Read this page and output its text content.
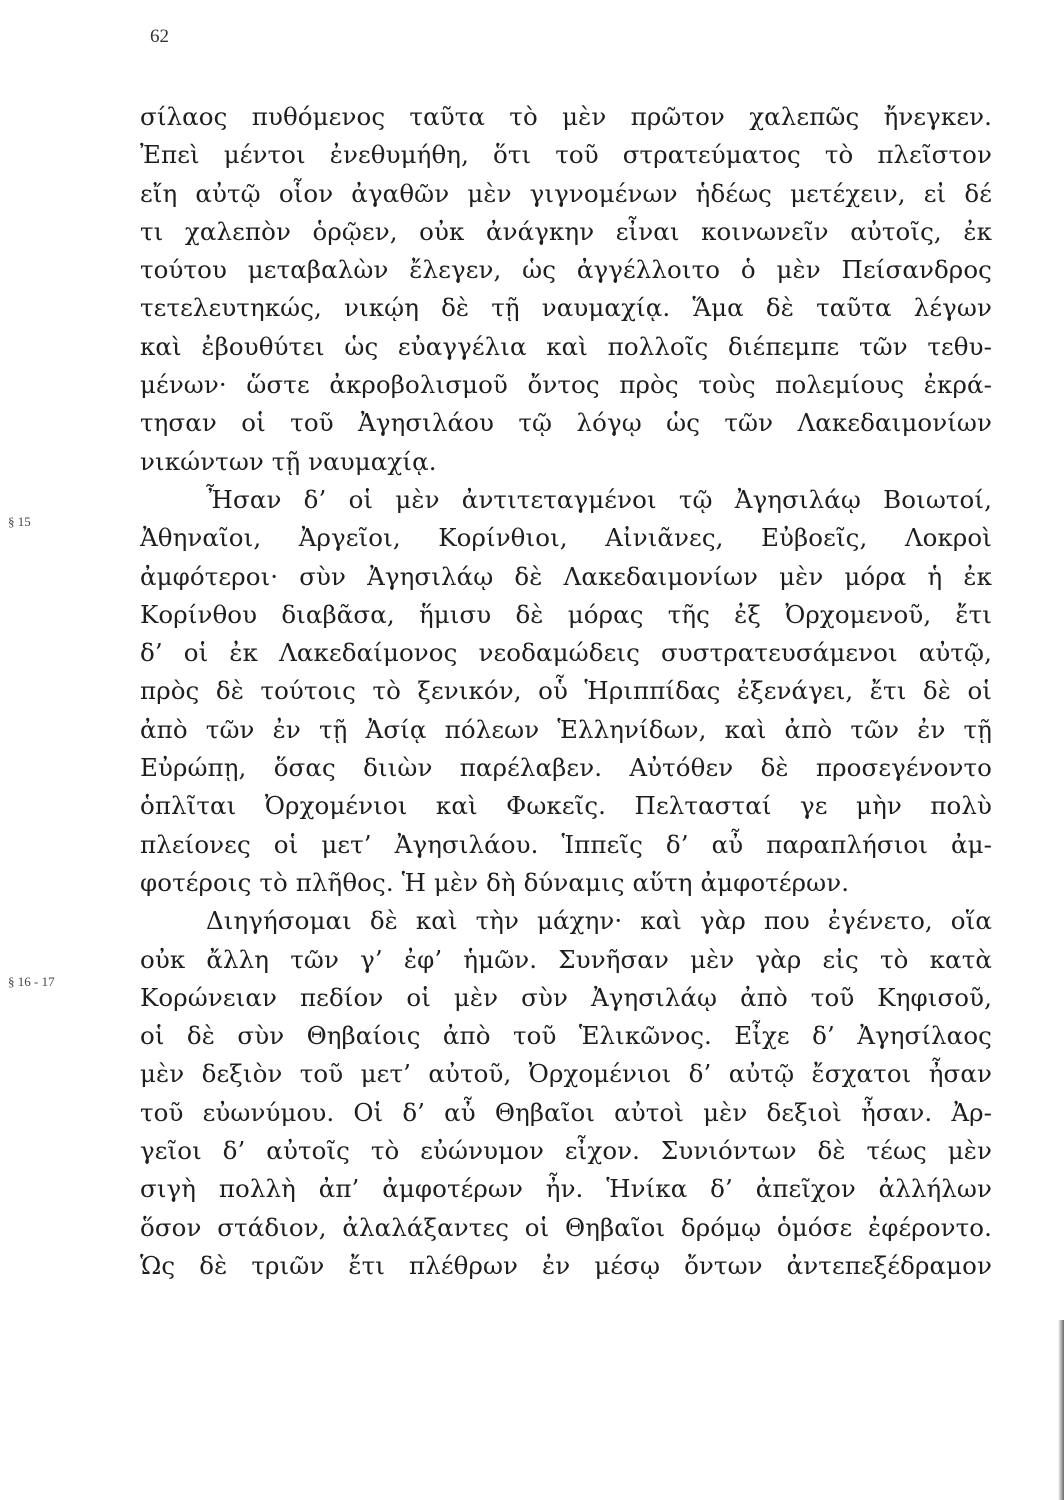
62
§ 15
§ 16 - 17
σίλαος πυθόμενος ταῦτα τὸ μὲν πρῶτον χαλεπῶς ἤνεγκεν.
Ἐπεὶ μέντοι ἐνεθυμήθη, ὅτι τοῦ στρατεύματος τὸ πλεῖστον
εἴη αὐτῷ οἷον ἀγαθῶν μὲν γιγνομένων ἡδέως μετέχειν, εἰ δέ
τι χαλεπὸν ὁρῷεν, οὐκ ἀνάγκην εἶναι κοινωνεῖν αὐτοῖς, ἐκ
τούτου μεταβαλὼν ἔλεγεν, ὡς ἀγγέλλοιτο ὁ μὲν Πείσανδρος
τετελευτηκώς, νικῴη δὲ τῇ ναυμαχίᾳ. Ἅμα δὲ ταῦτα λέγων
καὶ ἐβουθύτει ὡς εὐαγγέλια καὶ πολλοῖς διέπεμπε τῶν τεθυ-
μένων· ὥστε ἀκροβολισμοῦ ὄντος πρὸς τοὺς πολεμίους ἐκρά-
τησαν οἱ τοῦ Ἀγησιλάου τῷ λόγῳ ὡς τῶν Λακεδαιμονίων
νικώντων τῇ ναυμαχίᾳ.
Ἦσαν δ’ οἱ μὲν ἀντιτεταγμένοι τῷ Ἀγησιλάῳ Βοιωτοί,
Ἀθηναῖοι, Ἀργεῖοι, Κορίνθιοι, Αἰνιᾶνες, Εὐβοεῖς, Λοκροὶ
ἀμφότεροι· σὺν Ἀγησιλάῳ δὲ Λακεδαιμονίων μὲν μόρα ἡ ἐκ
Κορίνθου διαβᾶσα, ἥμισυ δὲ μόρας τῆς ἐξ Ὀρχομενοῦ, ἔτι
δ’ οἱ ἐκ Λακεδαίμονος νεοδαμώδεις συστρατευσάμενοι αὐτῷ,
πρὸς δὲ τούτοις τὸ ξενικόν, οὗ Ἡριππίδας ἐξενάγει, ἔτι δὲ οἱ
ἀπὸ τῶν ἐν τῇ Ἀσίᾳ πόλεων Ἑλληνίδων, καὶ ἀπὸ τῶν ἐν τῇ
Εὐρώπῃ, ὅσας διιὼν παρέλαβεν. Αὐτόθεν δὲ προσεγένοντο
ὁπλῖται Ὀρχομένιοι καὶ Φωκεῖς. Πελτασταί γε μὴν πολὺ
πλείονες οἱ μετ’ Ἀγησιλάου. Ἱππεῖς δ’ αὖ παραπλήσιοι ἀμ-
φοτέροις τὸ πλῆθος. Ἡ μὲν δὴ δύναμις αὕτη ἀμφοτέρων.
Διηγήσομαι δὲ καὶ τὴν μάχην· καὶ γὰρ που ἐγένετο, οἵα
οὐκ ἄλλη τῶν γ’ ἐφ’ ἡμῶν. Συνῆσαν μὲν γὰρ εἰς τὸ κατὰ
Κορώνειαν πεδίον οἱ μὲν σὺν Ἀγησιλάῳ ἀπὸ τοῦ Κηφισοῦ,
οἱ δὲ σὺν Θηβαίοις ἀπὸ τοῦ Ἑλικῶνος. Εἶχε δ’ Ἀγησίλαος
μὲν δεξιὸν τοῦ μετ’ αὐτοῦ, Ὀρχομένιοι δ’ αὐτῷ ἔσχατοι ἦσαν
τοῦ εὐωνύμου. Οἱ δ’ αὖ Θηβαῖοι αὐτοὶ μὲν δεξιοὶ ἦσαν. Ἀρ-
γεῖοι δ’ αὐτοῖς τὸ εὐώνυμον εἶχον. Συνιόντων δὲ τέως μὲν
σιγὴ πολλὴ ἀπ’ ἀμφοτέρων ἦν. Ἡνίκα δ’ ἀπεῖχον ἀλλήλων
ὅσον στάδιον, ἀλαλάξαντες οἱ Θηβαῖοι δρόμῳ ὁμόσε ἐφέροντο.
Ὡς δὲ τριῶν ἔτι πλέθρων ἐν μέσῳ ὄντων ἀντεπεξέδραμον
